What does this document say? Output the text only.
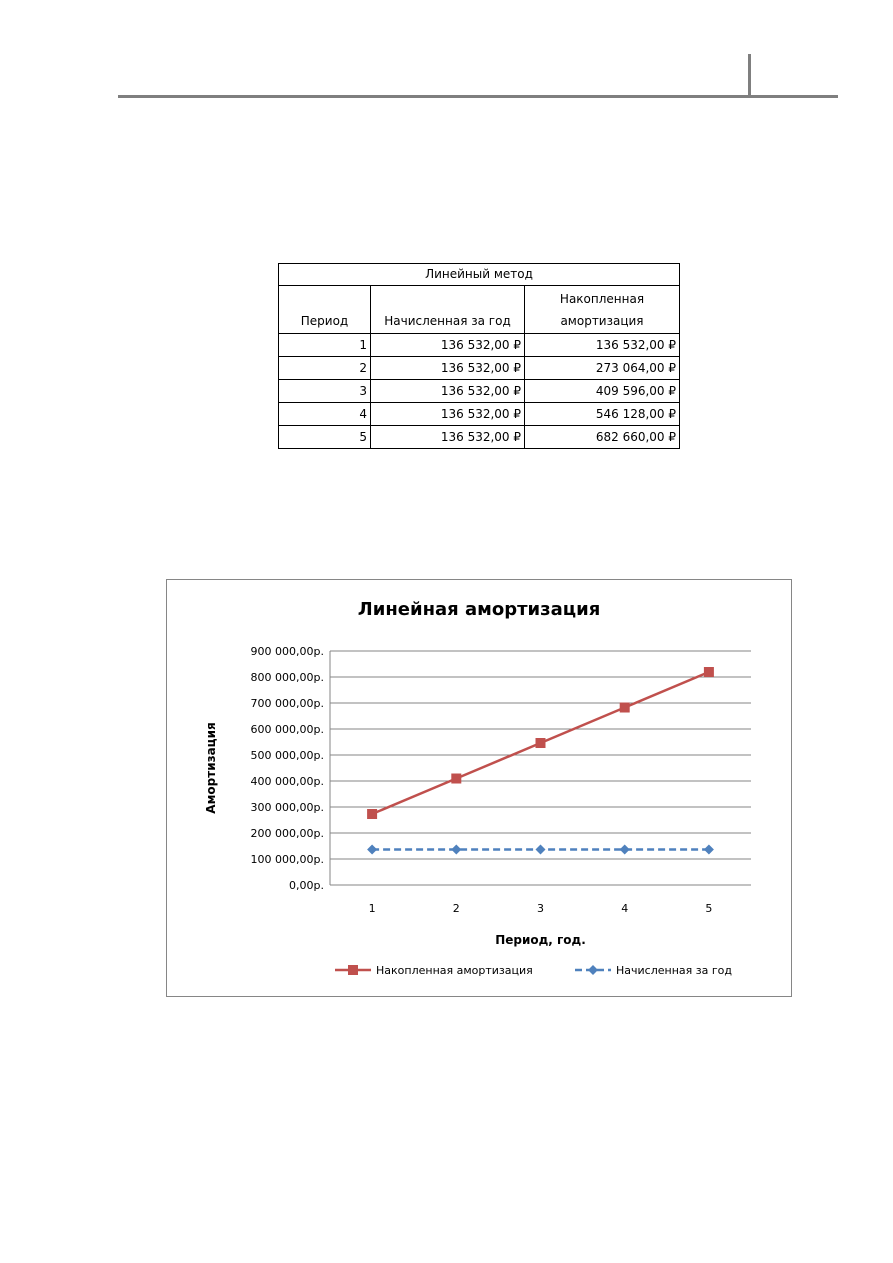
Линейный метод		
Период	Начисленная за год	Накопленная амортизация
1	136 532,00 ₽	136 532,00 ₽
2	136 532,00 ₽	273 064,00 ₽
3	136 532,00 ₽	409 596,00 ₽
4	136 532,00 ₽	546 128,00 ₽
5	136 532,00 ₽	682 660,00 ₽
Линейная амортизация
0,00р.
100 000,00р.
200 000,00р.
300 000,00р.
400 000,00р.
500 000,00р.
600 000,00р.
700 000,00р.
800 000,00р.
900 000,00р.
1	2	3	4	5
Период, год.
Амортизация
Накопленная амортизация	Начисленная за год
